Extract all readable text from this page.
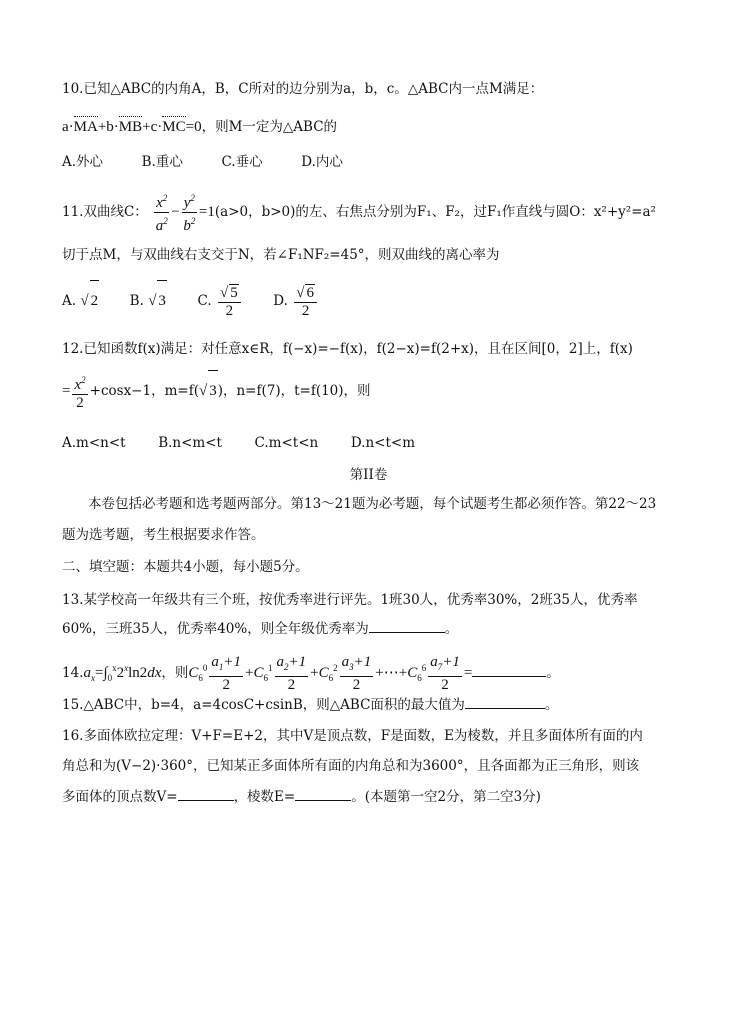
10.已知△ABC的内角A，B，C所对的边分别为a，b，c。△ABC内一点M满足：
a·MA+b·MB+c·MC=0，则M一定为△ABC的
A.外心	B.重心	C.垂心	D.内心
11.双曲线C： $\frac{x^2}{a^2} - \frac{y^2}{b^2} =1(a>0$，b>0)的左、右焦点分别为F₁、F₂，过F₁作直线与圆O：x²+y²=a²
切于点M，与双曲线右支交于N，若∠F₁NF₂=45°，则双曲线的离心率为
A. √ 2 B. √ 3 C. $\frac{√ 5}{2} D$. $\frac{√ 6}{2}$
12.已知函数f(x)满足：对任意x∈R，f(−x)=−f(x)，f(2−x)=f(2+x)，且在区间[0，2]上，f(x)
= $\frac{x^2}{2} +\cos x-1$，m=f(√ 3)，n=f(7)，t=f(10)，则
A.m<n<t B.n<m<t C.m<t<n D.n<t<m
第II卷
本卷包括必考题和选考题两部分。第13～21题为必考题，每个试题考生都必须作答。第22～23
题为选考题，考生根据要求作答。
二、填空题：本题共4小题，每小题5分。
13.某学校高一年级共有三个班，按优秀率进行评先。1班30人，优秀率30%，2班35人，优秀率
60%，三班35人，优秀率40%，则全年级优秀率为	。
$14.a_x=\int_0^x2^x\ln 2dx$，则$C_6^0 \frac{a_1+1}{2} +C_6^1 \frac{a_2+1}{2} +C_6^2 \frac{a_3+1}{2}$ $+\cdots+C_6^6 \frac{a_7+1}{2}$ =	。
15.△ABC中，b=4，a=4cosC+csinB，则△ABC面积的最大值为	。
16.多面体欧拉定理：V+F=E+2，其中V是顶点数，F是面数，E为棱数，并且多面体所有面的内
角总和为(V−2)·360°，已知某正多面体所有面的内角总和为3600°，且各面都为正三角形，则该
多面体的顶点数V=	，棱数E=	。(本题第一空2分，第二空3分)
